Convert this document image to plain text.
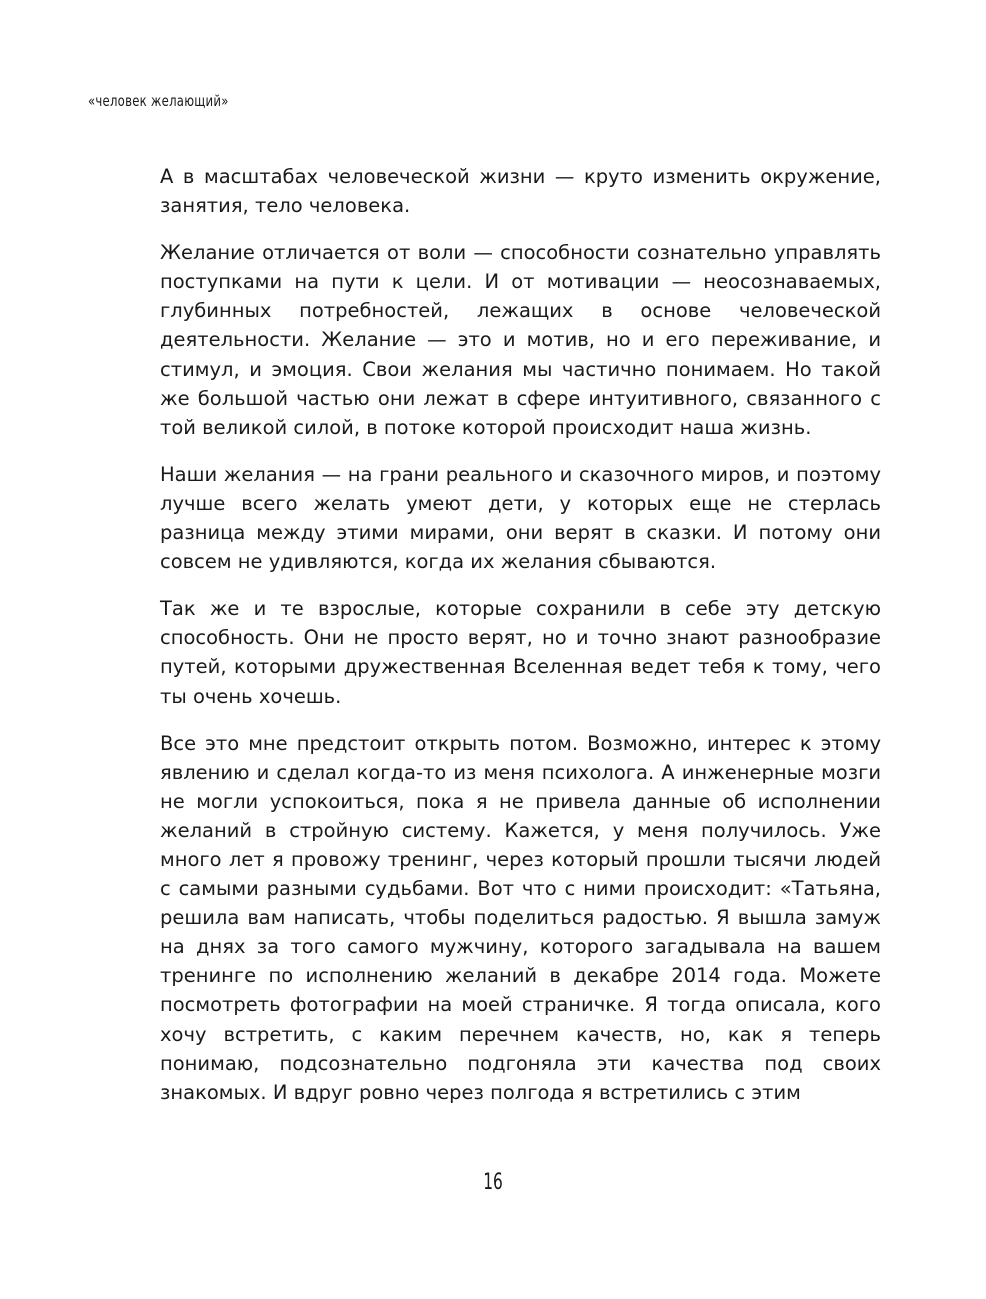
«человек желающий»

А в масштабах человеческой жизни — круто изменить окружение, занятия, тело человека.

Желание отличается от воли — способности сознательно управлять поступками на пути к цели. И от мотивации — неосознаваемых, глубинных потребностей, лежащих в основе человеческой деятельности. Желание — это и мотив, но и его переживание, и стимул, и эмоция. Свои желания мы частично понимаем. Но такой же большой частью они лежат в сфере интуитивного, связанного с той великой силой, в потоке которой происходит наша жизнь.

Наши желания — на грани реального и сказочного миров, и поэтому лучше всего желать умеют дети, у которых еще не стерлась разница между этими мирами, они верят в сказки. И потому они совсем не удивляются, когда их желания сбываются.

Так же и те взрослые, которые сохранили в себе эту детскую способность. Они не просто верят, но и точно знают разнообразие путей, которыми дружественная Вселенная ведет тебя к тому, чего ты очень хочешь.

Все это мне предстоит открыть потом. Возможно, интерес к этому явлению и сделал когда-то из меня психолога. А инженерные мозги не могли успокоиться, пока я не привела данные об исполнении желаний в стройную систему. Кажется, у меня получилось. Уже много лет я провожу тренинг, через который прошли тысячи людей с самыми разными судьбами. Вот что с ними происходит: «Татьяна, решила вам написать, чтобы поделиться радостью. Я вышла замуж на днях за того самого мужчину, которого загадывала на вашем тренинге по исполнению желаний в декабре 2014 года. Можете посмотреть фотографии на моей страничке. Я тогда описала, кого хочу встретить, с каким перечнем качеств, но, как я теперь понимаю, подсознательно подгоняла эти качества под своих знакомых. И вдруг ровно через полгода я встретились с этим

16
